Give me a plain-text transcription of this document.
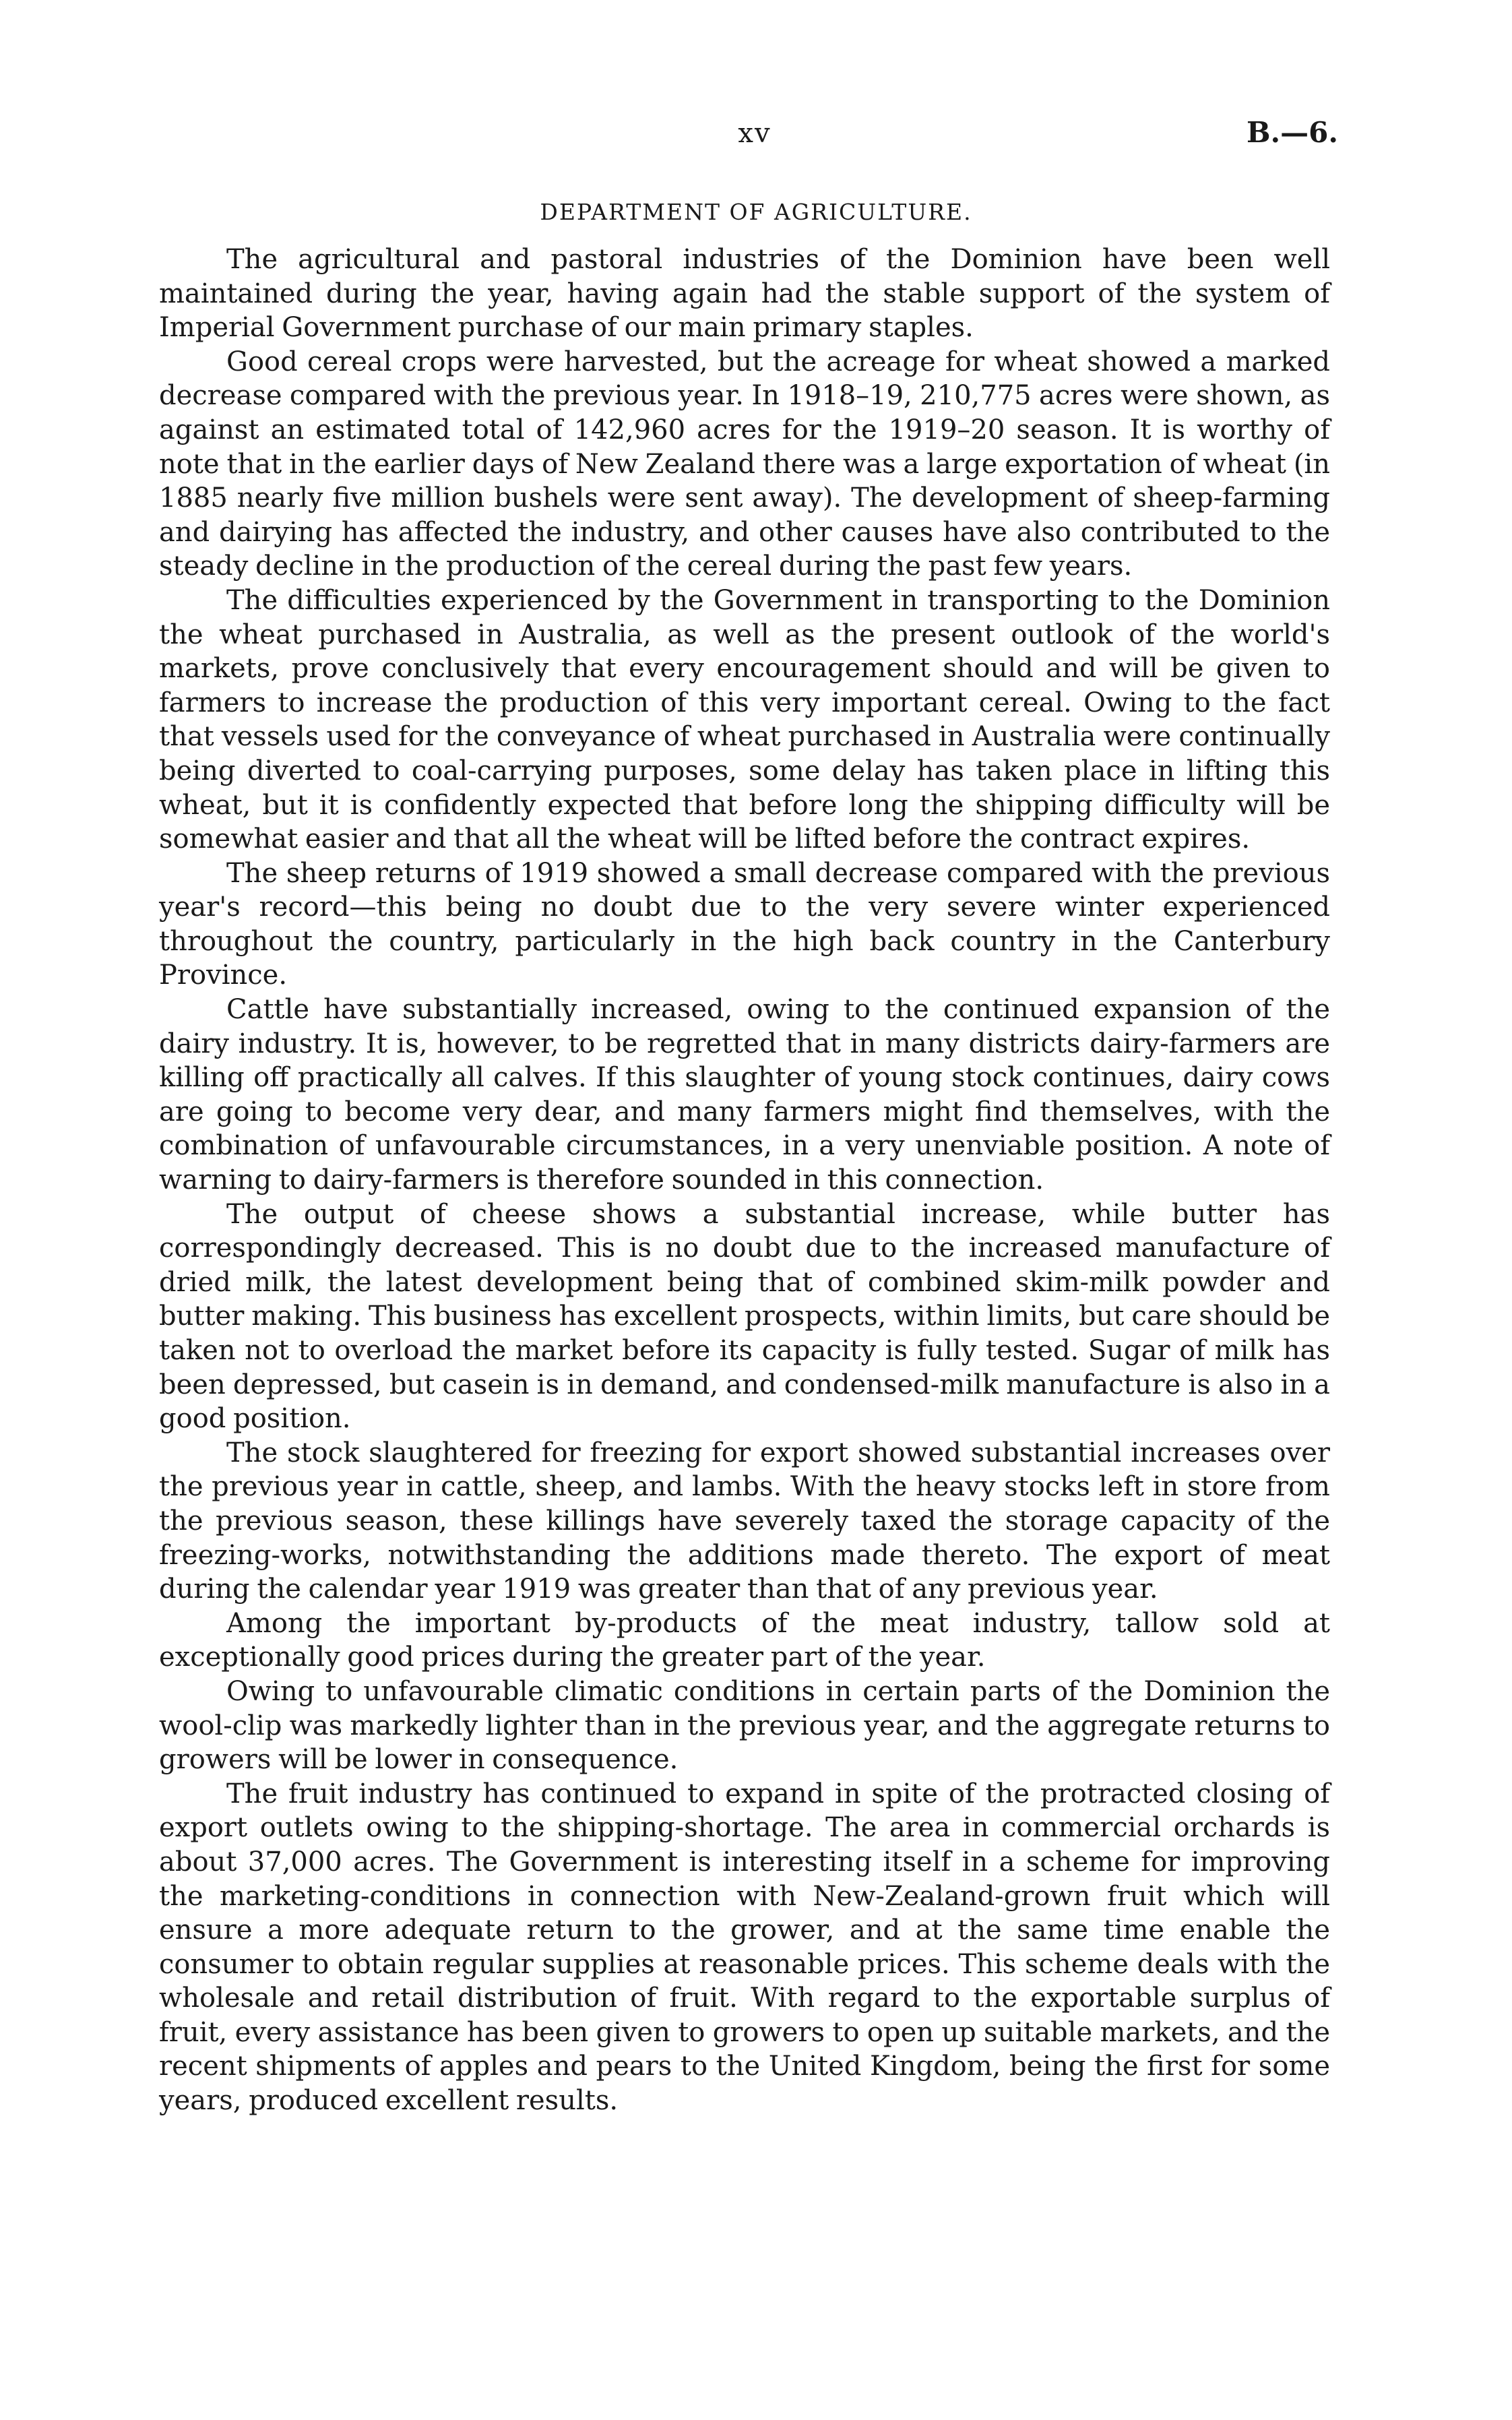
xv	B.—6.
DEPARTMENT OF AGRICULTURE.

The agricultural and pastoral industries of the Dominion have been well maintained during the year, having again had the stable support of the system of Imperial Government purchase of our main primary staples.

Good cereal crops were harvested, but the acreage for wheat showed a marked decrease compared with the previous year. In 1918–19, 210,775 acres were shown, as against an estimated total of 142,960 acres for the 1919–20 season. It is worthy of note that in the earlier days of New Zealand there was a large exportation of wheat (in 1885 nearly five million bushels were sent away). The development of sheep-farming and dairying has affected the industry, and other causes have also contributed to the steady decline in the production of the cereal during the past few years.

The difficulties experienced by the Government in transporting to the Dominion the wheat purchased in Australia, as well as the present outlook of the world's markets, prove conclusively that every encouragement should and will be given to farmers to increase the production of this very important cereal. Owing to the fact that vessels used for the conveyance of wheat purchased in Australia were continually being diverted to coal-carrying purposes, some delay has taken place in lifting this wheat, but it is confidently expected that before long the shipping difficulty will be somewhat easier and that all the wheat will be lifted before the contract expires.

The sheep returns of 1919 showed a small decrease compared with the previous year's record—this being no doubt due to the very severe winter experienced throughout the country, particularly in the high back country in the Canterbury Province.

Cattle have substantially increased, owing to the continued expansion of the dairy industry. It is, however, to be regretted that in many districts dairy-farmers are killing off practically all calves. If this slaughter of young stock continues, dairy cows are going to become very dear, and many farmers might find themselves, with the combination of unfavourable circumstances, in a very unenviable position. A note of warning to dairy-farmers is therefore sounded in this connection.

The output of cheese shows a substantial increase, while butter has correspondingly decreased. This is no doubt due to the increased manufacture of dried milk, the latest development being that of combined skim-milk powder and butter making. This business has excellent prospects, within limits, but care should be taken not to overload the market before its capacity is fully tested. Sugar of milk has been depressed, but casein is in demand, and condensed-milk manufacture is also in a good position.

The stock slaughtered for freezing for export showed substantial increases over the previous year in cattle, sheep, and lambs. With the heavy stocks left in store from the previous season, these killings have severely taxed the storage capacity of the freezing-works, notwithstanding the additions made thereto. The export of meat during the calendar year 1919 was greater than that of any previous year.

Among the important by-products of the meat industry, tallow sold at exceptionally good prices during the greater part of the year.

Owing to unfavourable climatic conditions in certain parts of the Dominion the wool-clip was markedly lighter than in the previous year, and the aggregate returns to growers will be lower in consequence.

The fruit industry has continued to expand in spite of the protracted closing of export outlets owing to the shipping-shortage. The area in commercial orchards is about 37,000 acres. The Government is interesting itself in a scheme for improving the marketing-conditions in connection with New-Zealand-grown fruit which will ensure a more adequate return to the grower, and at the same time enable the consumer to obtain regular supplies at reasonable prices. This scheme deals with the wholesale and retail distribution of fruit. With regard to the exportable surplus of fruit, every assistance has been given to growers to open up suitable markets, and the recent shipments of apples and pears to the United Kingdom, being the first for some years, produced excellent results.
